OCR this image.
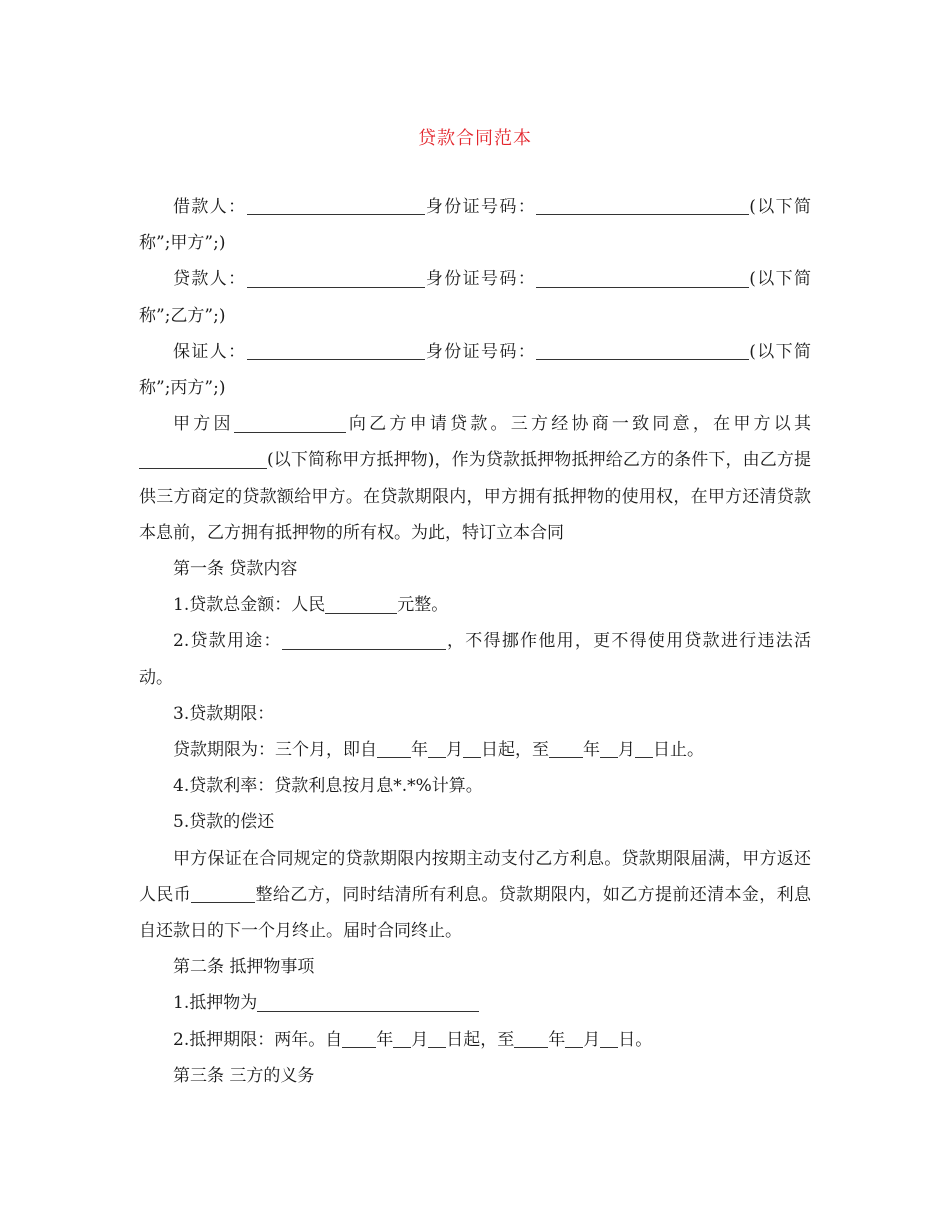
贷款合同范本

借款人：	身份证号码：	(以下简称”;甲方”;)

贷款人：	身份证号码：	(以下简称”;乙方”;)

保证人：	身份证号码：	(以下简称”;丙方”;)

甲方因	向乙方申请贷款。三方经协商一致同意，在甲方以其(以下简称甲方抵押物)，作为贷款抵押物抵押给乙方的条件下，由乙方提供三方商定的贷款额给甲方。在贷款期限内，甲方拥有抵押物的使用权，在甲方还清贷款本息前，乙方拥有抵押物的所有权。为此，特订立本合同

第一条 贷款内容

1.贷款总金额：人民	元整。

2.贷款用途：	，不得挪作他用，更不得使用贷款进行违法活动。

3.贷款期限：

贷款期限为：三个月，即自 年 月 日起，至 年 月 日止。

4.贷款利率：贷款利息按月息*.*%计算。

5.贷款的偿还

甲方保证在合同规定的贷款期限内按期主动支付乙方利息。贷款期限届满，甲方返还人民币	整给乙方，同时结清所有利息。贷款期限内，如乙方提前还清本金，利息自还款日的下一个月终止。届时合同终止。

第二条 抵押物事项

1.抵押物为

2.抵押期限：两年。自 年 月 日起，至 年 月 日。

第三条 三方的义务
